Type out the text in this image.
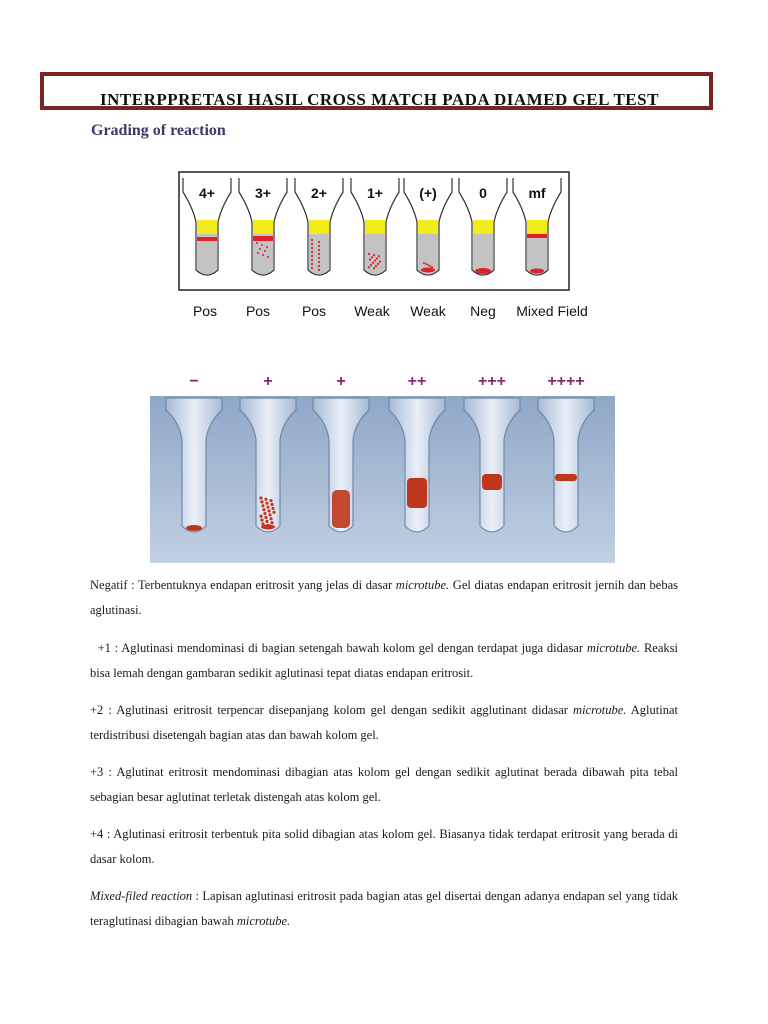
INTERPPRETASI HASIL CROSS MATCH PADA DIAMED GEL TEST
Grading of reaction
4+
Pos
3+
Pos
2+
Pos
1+
Weak
(+)
Weak
0
Neg
mf
Mixed Field
−	+	+	++	+++	++++
Negatif : Terbentuknya endapan eritrosit yang jelas di dasar microtube. Gel diatas endapan eritrosit jernih dan bebas aglutinasi.
+1 : Aglutinasi mendominasi di bagian setengah bawah kolom gel dengan terdapat juga didasar microtube. Reaksi bisa lemah dengan gambaran sedikit aglutinasi tepat diatas endapan eritrosit.
+2 : Aglutinasi eritrosit terpencar disepanjang kolom gel dengan sedikit agglutinant didasar microtube. Aglutinat terdistribusi disetengah bagian atas dan bawah kolom gel.
+3 : Aglutinat eritrosit mendominasi dibagian atas kolom gel dengan sedikit aglutinat berada dibawah pita tebal sebagian besar aglutinat terletak distengah atas kolom gel.
+4 : Aglutinasi eritrosit terbentuk pita solid dibagian atas kolom gel. Biasanya tidak terdapat eritrosit yang berada di dasar kolom.
Mixed-filed reaction : Lapisan aglutinasi eritrosit pada bagian atas gel disertai dengan adanya endapan sel yang tidak teraglutinasi dibagian bawah microtube.
